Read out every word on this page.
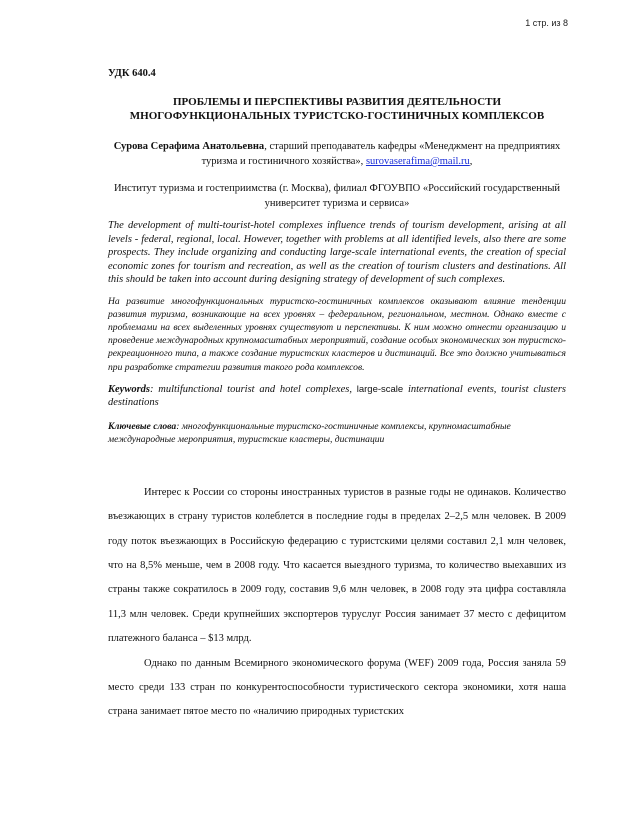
1 стр. из 8

УДК 640.4

ПРОБЛЕМЫ И ПЕРСПЕКТИВЫ РАЗВИТИЯ ДЕЯТЕЛЬНОСТИ
МНОГОФУНКЦИОНАЛЬНЫХ ТУРИСТСКО-ГОСТИНИЧНЫХ КОМПЛЕКСОВ

Сурова Серафима Анатольевна, старший преподаватель кафедры «Менеджмент на предприятиях туризма и гостиничного хозяйства», surovaserafima@mail.ru,

Институт туризма и гостеприимства (г. Москва), филиал ФГОУВПО «Российский государственный университет туризма и сервиса»

The development of multi-tourist-hotel complexes influence trends of tourism development, arising at all levels - federal, regional, local. However, together with problems at all identified levels, also there are some prospects. They include organizing and conducting large-scale international events, the creation of special economic zones for tourism and recreation, as well as the creation of tourism clusters and destinations. All this should be taken into account during designing strategy of development of such complexes.

На развитие многофункциональных туристско-гостиничных комплексов оказывают влияние тенденции развития туризма, возникающие на всех уровнях – федеральном, региональном, местном. Однако вместе с проблемами на всех выделенных уровнях существуют и перспективы. К ним можно отнести организацию и проведение международных крупномасштабных мероприятий, создание особых экономических зон туристско-рекреационного типа, а также создание туристских кластеров и дистинаций. Все это должно учитываться при разработке стратегии развития такого рода комплексов.

Keywords: multifunctional tourist and hotel complexes, large-scale international events, tourist clusters destinations

Ключевые слова: многофункциональные туристско-гостиничные комплексы, крупномасштабные международные мероприятия, туристские кластеры, дистинации

Интерес к России со стороны иностранных туристов в разные годы не одинаков. Количество въезжающих в страну туристов колеблется в последние годы в пределах 2–2,5 млн человек. В 2009 году поток въезжающих в Российскую федерацию с туристскими целями составил 2,1 млн человек, что на 8,5% меньше, чем в 2008 году. Что касается выездного туризма, то количество выехавших из страны также сократилось в 2009 году, составив 9,6 млн человек, в 2008 году эта цифра составляла 11,3 млн человек. Среди крупнейших экспортеров туруслуг Россия занимает 37 место с дефицитом платежного баланса – $13 млрд.

Однако по данным Всемирного экономического форума (WEF) 2009 года, Россия заняла 59 место среди 133 стран по конкурентоспособности туристического сектора экономики, хотя наша страна занимает пятое место по «наличию природных туристских
